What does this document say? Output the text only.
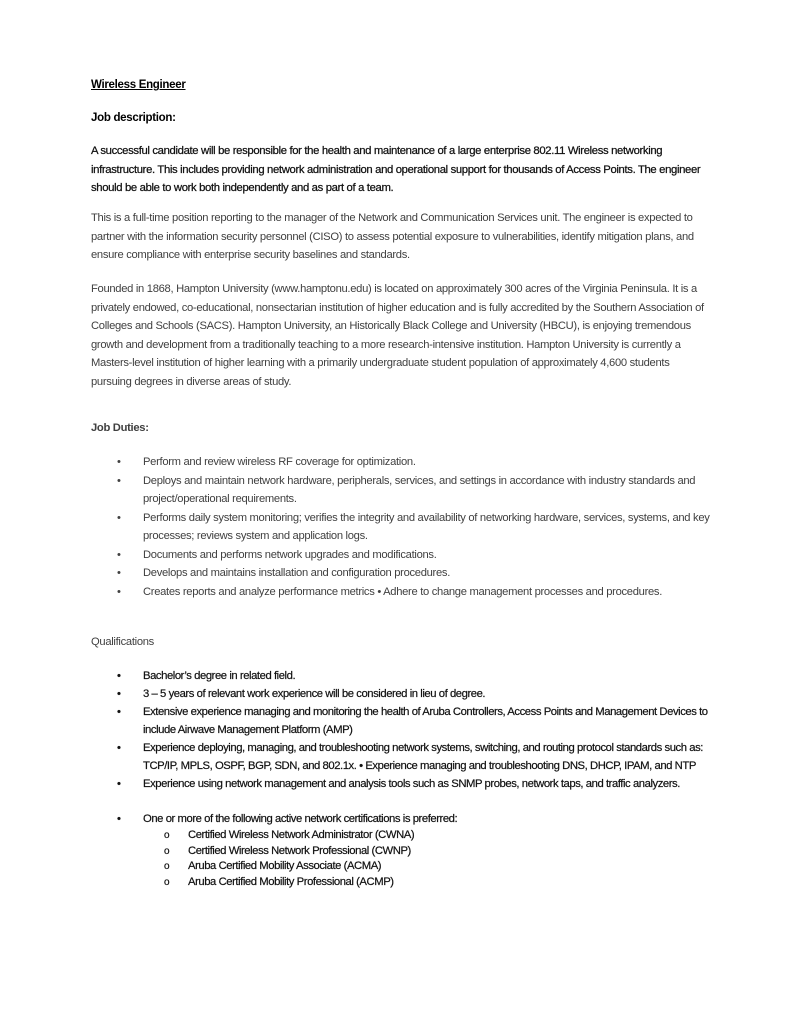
Wireless Engineer
Job description:
A successful candidate will be responsible for the health and maintenance of a large enterprise 802.11 Wireless networking infrastructure. This includes providing network administration and operational support for thousands of Access Points. The engineer should be able to work both independently and as part of a team.
This is a full-time position reporting to the manager of the Network and Communication Services unit. The engineer is expected to partner with the information security personnel (CISO) to assess potential exposure to vulnerabilities, identify mitigation plans, and ensure compliance with enterprise security baselines and standards.
Founded in 1868, Hampton University (www.hamptonu.edu) is located on approximately 300 acres of the Virginia Peninsula. It is a privately endowed, co-educational, nonsectarian institution of higher education and is fully accredited by the Southern Association of Colleges and Schools (SACS). Hampton University, an Historically Black College and University (HBCU), is enjoying tremendous growth and development from a traditionally teaching to a more research-intensive institution. Hampton University is currently a Masters-level institution of higher learning with a primarily undergraduate student population of approximately 4,600 students pursuing degrees in diverse areas of study.
Job Duties:
• Perform and review wireless RF coverage for optimization.
• Deploys and maintain network hardware, peripherals, services, and settings in accordance with industry standards and project/operational requirements.
• Performs daily system monitoring; verifies the integrity and availability of networking hardware, services, systems, and key processes; reviews system and application logs.
• Documents and performs network upgrades and modifications.
• Develops and maintains installation and configuration procedures.
• Creates reports and analyze performance metrics • Adhere to change management processes and procedures.
Qualifications
• Bachelor’s degree in related field.
• 3 – 5 years of relevant work experience will be considered in lieu of degree.
• Extensive experience managing and monitoring the health of Aruba Controllers, Access Points and Management Devices to include Airwave Management Platform (AMP)
• Experience deploying, managing, and troubleshooting network systems, switching, and routing protocol standards such as: TCP/IP, MPLS, OSPF, BGP, SDN, and 802.1x. • Experience managing and troubleshooting DNS, DHCP, IPAM, and NTP
• Experience using network management and analysis tools such as SNMP probes, network taps, and traffic analyzers.
• One or more of the following active network certifications is preferred:
o Certified Wireless Network Administrator (CWNA)
o Certified Wireless Network Professional (CWNP)
o Aruba Certified Mobility Associate (ACMA)
o Aruba Certified Mobility Professional (ACMP)
